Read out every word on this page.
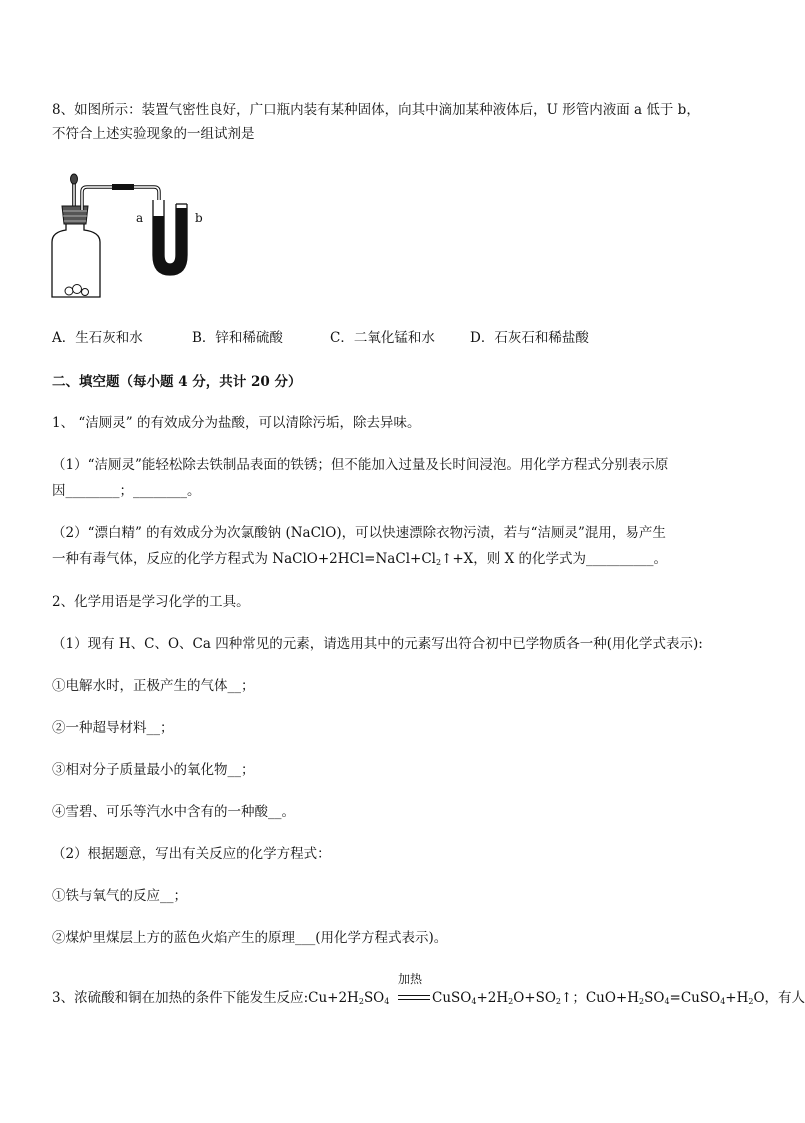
8、如图所示：装置气密性良好，广口瓶内装有某种固体，向其中滴加某种液体后，U 形管内液面 a 低于 b，
不符合上述实验现象的一组试剂是
a	b
A．生石灰和水	B．锌和稀硫酸	C．二氧化锰和水	D．石灰石和稀盐酸
二、填空题（每小题 4 分，共计 20 分）
1、 “洁厕灵” 的有效成分为盐酸，可以清除污垢，除去异味。
（1）“洁厕灵”能轻松除去铁制品表面的铁锈；但不能加入过量及长时间浸泡。用化学方程式分别表示原
因________；________。
（2）“漂白精” 的有效成分为次氯酸钠 (NaClO)，可以快速漂除衣物污渍，若与“洁厕灵”混用，易产生
一种有毒气体，反应的化学方程式为 $NaClO+2HCl=NaCl+Cl_2↑+X$，则 X 的化学式为__________。
2、化学用语是学习化学的工具。
（1）现有 H、C、O、Ca 四种常见的元素，请选用其中的元素写出符合初中已学物质各一种(用化学式表示):
①电解水时，正极产生的气体__；
②一种超导材料__；
③相对分子质量最小的氧化物__；
④雪碧、可乐等汽水中含有的一种酸__。
（2）根据题意，写出有关反应的化学方程式：
①铁与氧气的反应__；
②煤炉里煤层上方的蓝色火焰产生的原理___(用化学方程式表示)。
3、浓硫酸和铜在加热的条件下能发生反应$:Cu+2H_2SO_4$
加热
$CuSO_4+2H_2O+SO_2↑$；$CuO+H_2SO_4=CuSO_4+H_2O$，有人
